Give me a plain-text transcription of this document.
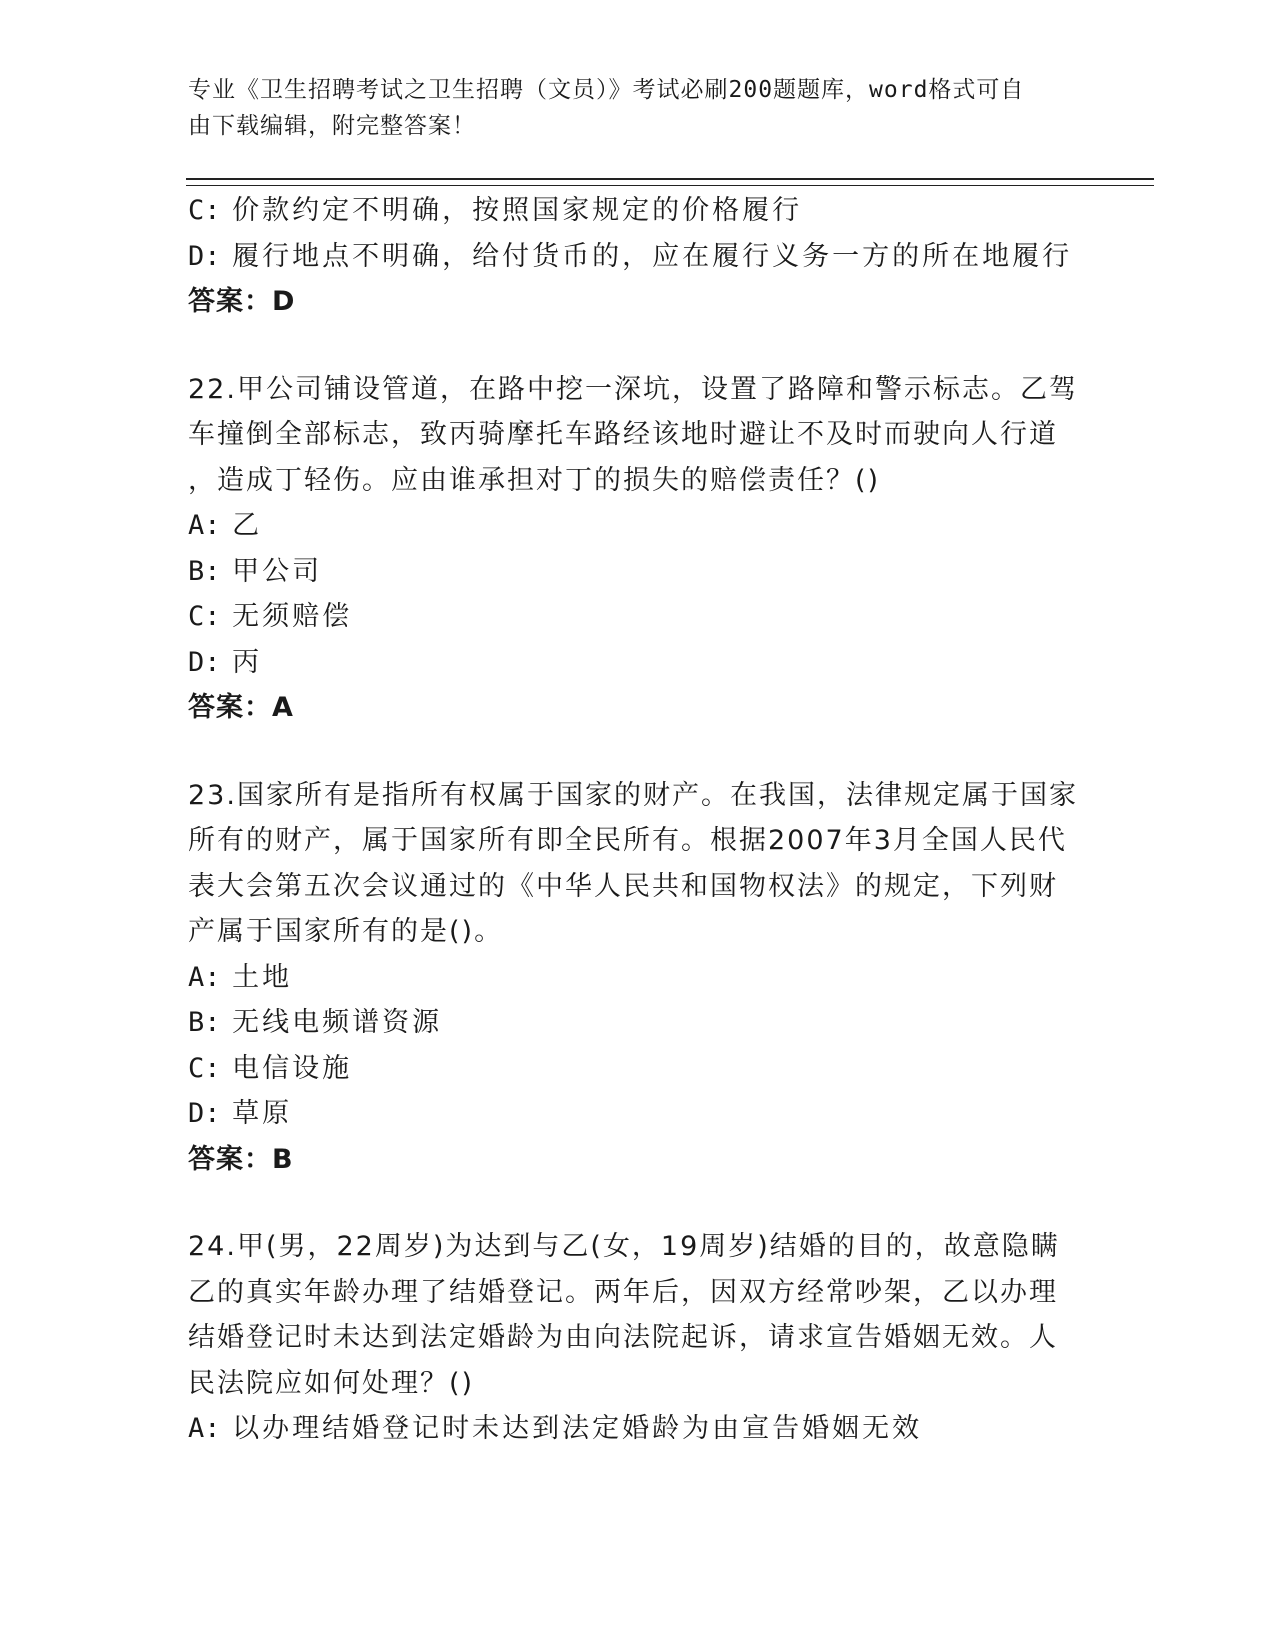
专业《卫生招聘考试之卫生招聘（文员）》考试必刷200题题库，word格式可自
由下载编辑，附完整答案！

C: 价款约定不明确，按照国家规定的价格履行

D: 履行地点不明确，给付货币的，应在履行义务一方的所在地履行

答案：D

22.甲公司铺设管道，在路中挖一深坑，设置了路障和警示标志。乙驾

车撞倒全部标志，致丙骑摩托车路经该地时避让不及时而驶向人行道

，造成丁轻伤。应由谁承担对丁的损失的赔偿责任？()

A: 乙

B: 甲公司

C: 无须赔偿

D: 丙

答案：A

23.国家所有是指所有权属于国家的财产。在我国，法律规定属于国家

所有的财产，属于国家所有即全民所有。根据2007年3月全国人民代

表大会第五次会议通过的《中华人民共和国物权法》的规定，下列财

产属于国家所有的是()。

A: 土地

B: 无线电频谱资源

C: 电信设施

D: 草原

答案：B

24.甲(男，22周岁)为达到与乙(女，19周岁)结婚的目的，故意隐瞒

乙的真实年龄办理了结婚登记。两年后，因双方经常吵架，乙以办理

结婚登记时未达到法定婚龄为由向法院起诉，请求宣告婚姻无效。人

民法院应如何处理？()

A: 以办理结婚登记时未达到法定婚龄为由宣告婚姻无效
